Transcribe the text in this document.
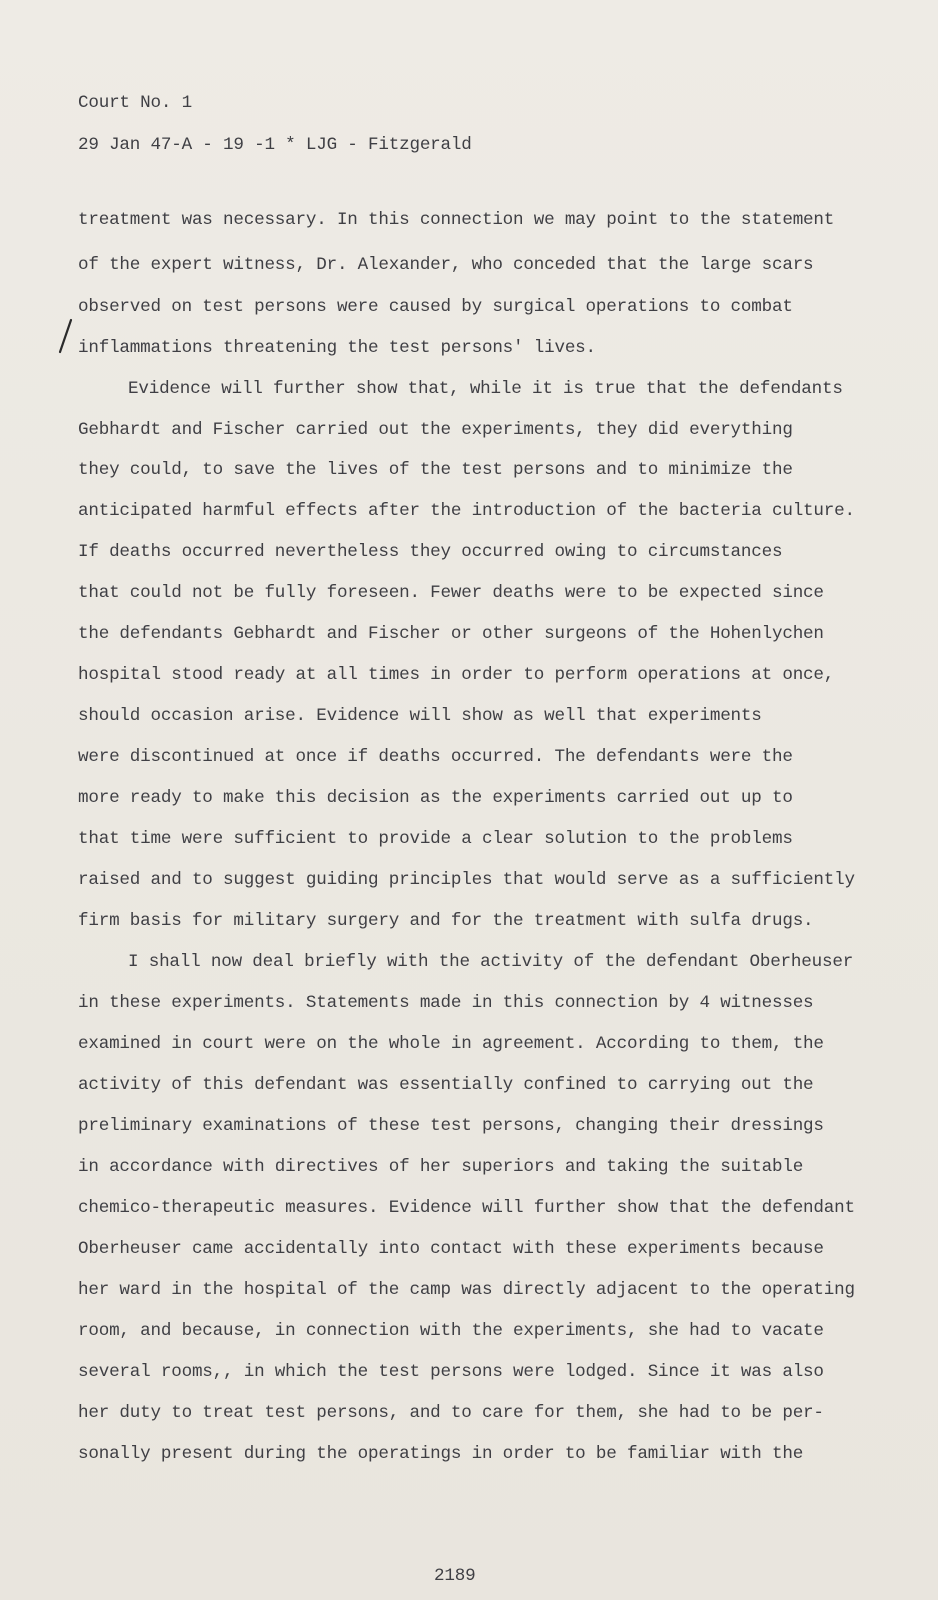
Court No. 1
29 Jan 47-A - 19 -1 * LJG - Fitzgerald
treatment was necessary. In this connection we may point to the statement
of the expert witness, Dr. Alexander, who conceded that the large scars
observed on test persons were caused by surgical operations to combat
inflammations threatening the test persons' lives.
Evidence will further show that, while it is true that the defendants
Gebhardt and Fischer carried out the experiments, they did everything
they could, to save the lives of the test persons and to minimize the
anticipated harmful effects after the introduction of the bacteria culture.
If deaths occurred nevertheless they occurred owing to circumstances
that could not be fully foreseen. Fewer deaths were to be expected since
the defendants Gebhardt and Fischer or other surgeons of the Hohenlychen
hospital stood ready at all times in order to perform operations at once,
should occasion arise. Evidence will show as well that experiments
were discontinued at once if deaths occurred. The defendants were the
more ready to make this decision as the experiments carried out up to
that time were sufficient to provide a clear solution to the problems
raised and to suggest guiding principles that would serve as a sufficiently
firm basis for military surgery and for the treatment with sulfa drugs.
I shall now deal briefly with the activity of the defendant Oberheuser
in these experiments. Statements made in this connection by 4 witnesses
examined in court were on the whole in agreement. According to them, the
activity of this defendant was essentially confined to carrying out the
preliminary examinations of these test persons, changing their dressings
in accordance with directives of her superiors and taking the suitable
chemico-therapeutic measures. Evidence will further show that the defendant
Oberheuser came accidentally into contact with these experiments because
her ward in the hospital of the camp was directly adjacent to the operating
room, and because, in connection with the experiments, she had to vacate
several rooms,, in which the test persons were lodged. Since it was also
her duty to treat test persons, and to care for them, she had to be per-
sonally present during the operatings in order to be familiar with the
2189
